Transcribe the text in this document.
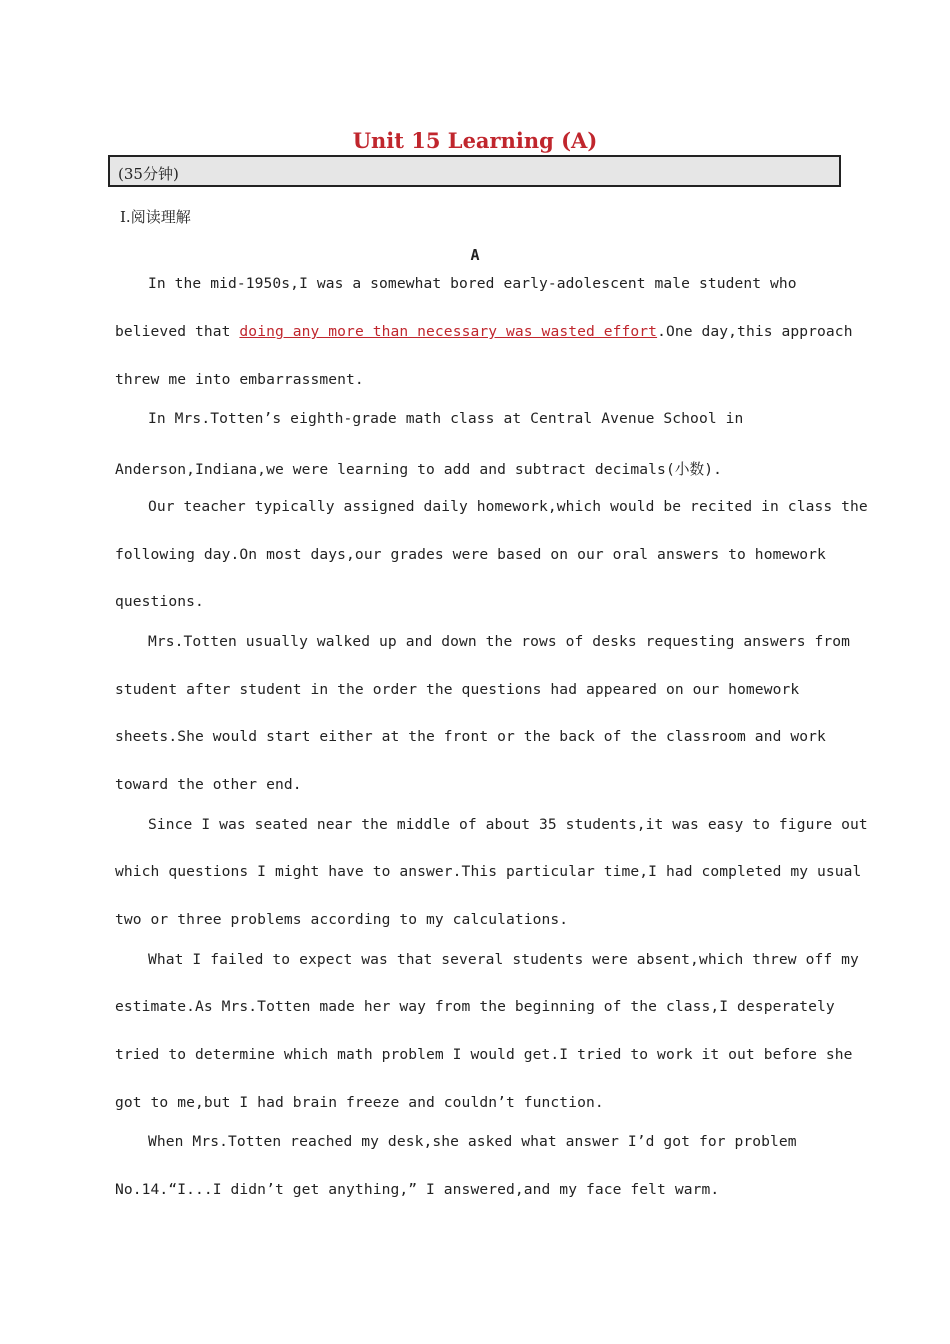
Unit 15 Learning (A)
(35分钟)
Ⅰ.阅读理解
A
In the mid-1950s,I was a somewhat bored early-adolescent male student who
believed that doing any more than necessary was wasted effort.One day,this approach
threw me into embarrassment.
In Mrs.Totten’s eighth-grade math class at Central Avenue School in
Anderson,Indiana,we were learning to add and subtract decimals(小数).
Our teacher typically assigned daily homework,which would be recited in class the
following day.On most days,our grades were based on our oral answers to homework
questions.
Mrs.Totten usually walked up and down the rows of desks requesting answers from
student after student in the order the questions had appeared on our homework
sheets.She would start either at the front or the back of the classroom and work
toward the other end.
Since I was seated near the middle of about 35 students,it was easy to figure out
which questions I might have to answer.This particular time,I had completed my usual
two or three problems according to my calculations.
What I failed to expect was that several students were absent,which threw off my
estimate.As Mrs.Totten made her way from the beginning of the class,I desperately
tried to determine which math problem I would get.I tried to work it out before she
got to me,but I had brain freeze and couldn’t function.
When Mrs.Totten reached my desk,she asked what answer I’d got for problem
No.14.“I...I didn’t get anything,” I answered,and my face felt warm.
